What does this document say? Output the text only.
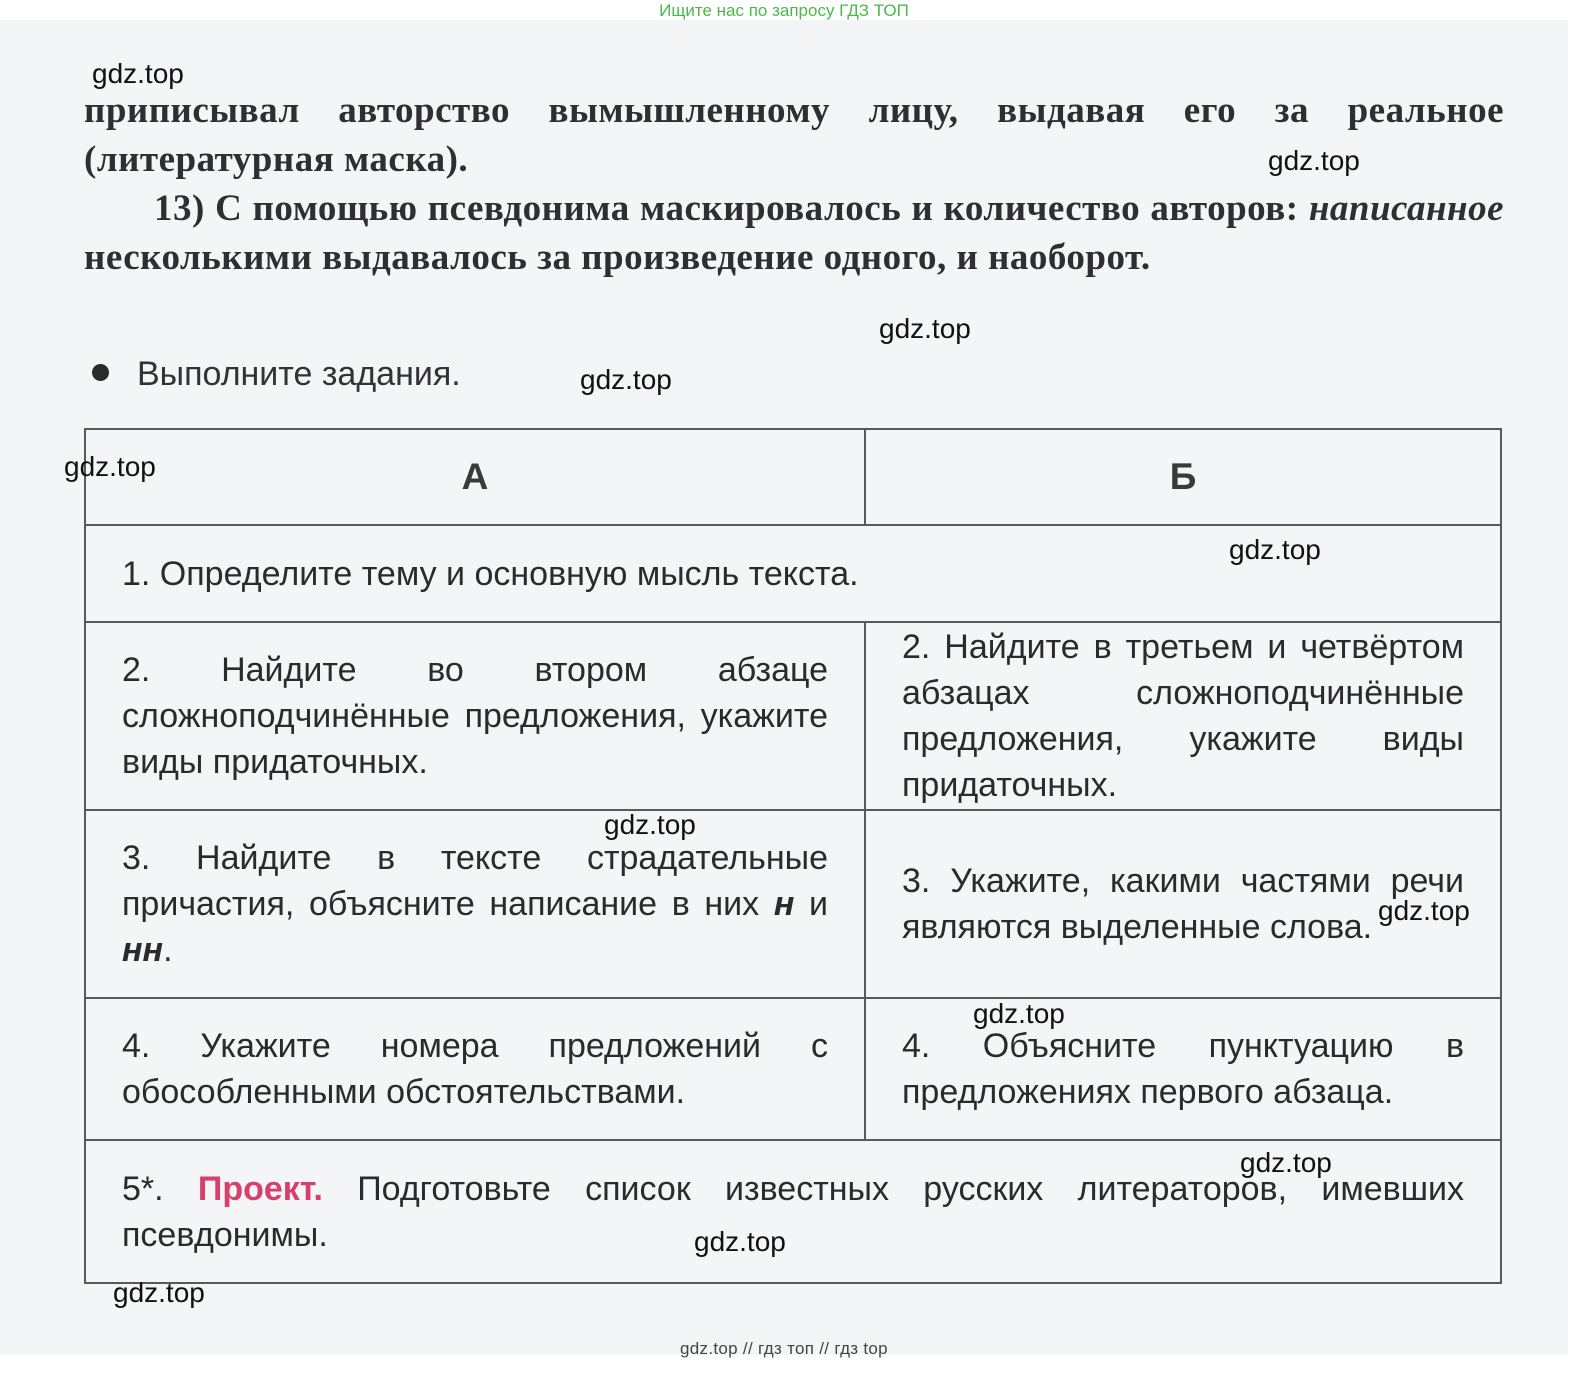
Ищите нас по запросу ГДЗ ТОП
приписывал авторство вымышленному лицу, выдавая его за реальное (литературная маска).
13) С помощью псевдонима маскировалось и количество авторов: написанное несколькими выдавалось за произведение одного, и наоборот.
Выполните задания.
А	Б
1. Определите тему и основную мысль текста.	
2. Найдите во втором абзаце сложноподчинённые предложения, укажите виды придаточных.	2. Найдите в третьем и четвёртом абзацах сложноподчинённые предложения, укажите виды придаточных.
3. Найдите в тексте страдательные причастия, объясните написание в них н и нн.	3. Укажите, какими частями речи являются выделенные слова.
4. Укажите номера предложений с обособленными обстоятельствами.	4. Объясните пунктуацию в предложениях первого абзаца.
5*. Проект. Подготовьте список известных русских литераторов, имевших псевдонимы.	
gdz.top
gdz.top
gdz.top
gdz.top
gdz.top
gdz.top
gdz.top
gdz.top
gdz.top
gdz.top
gdz.top
gdz.top
gdz.top // гдз топ // гдз top
